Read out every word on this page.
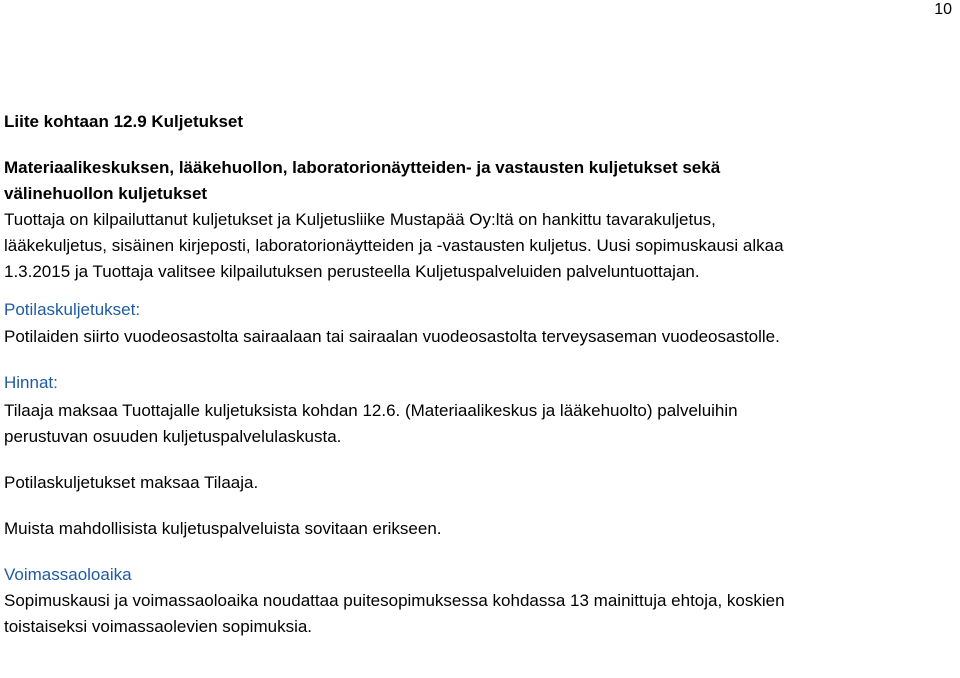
10

Liite kohtaan 12.9 Kuljetukset

Materiaalikeskuksen, lääkehuollon, laboratorionäytteiden- ja vastausten kuljetukset sekä

välinehuollon kuljetukset

Tuottaja on kilpailuttanut kuljetukset ja Kuljetusliike Mustapää Oy:ltä on hankittu tavarakuljetus,

lääkekuljetus, sisäinen kirjeposti, laboratorionäytteiden ja -vastausten kuljetus. Uusi sopimuskausi alkaa

1.3.2015 ja Tuottaja valitsee kilpailutuksen perusteella Kuljetuspalveluiden palveluntuottajan.

Potilaskuljetukset:

Potilaiden siirto vuodeosastolta sairaalaan tai sairaalan vuodeosastolta terveysaseman vuodeosastolle.

Hinnat:

Tilaaja maksaa Tuottajalle kuljetuksista kohdan 12.6. (Materiaalikeskus ja lääkehuolto) palveluihin

perustuvan osuuden kuljetuspalvelulaskusta.

Potilaskuljetukset maksaa Tilaaja.

Muista mahdollisista kuljetuspalveluista sovitaan erikseen.

Voimassaoloaika

Sopimuskausi ja voimassaoloaika noudattaa puitesopimuksessa kohdassa 13 mainittuja ehtoja, koskien

toistaiseksi voimassaolevien sopimuksia.
